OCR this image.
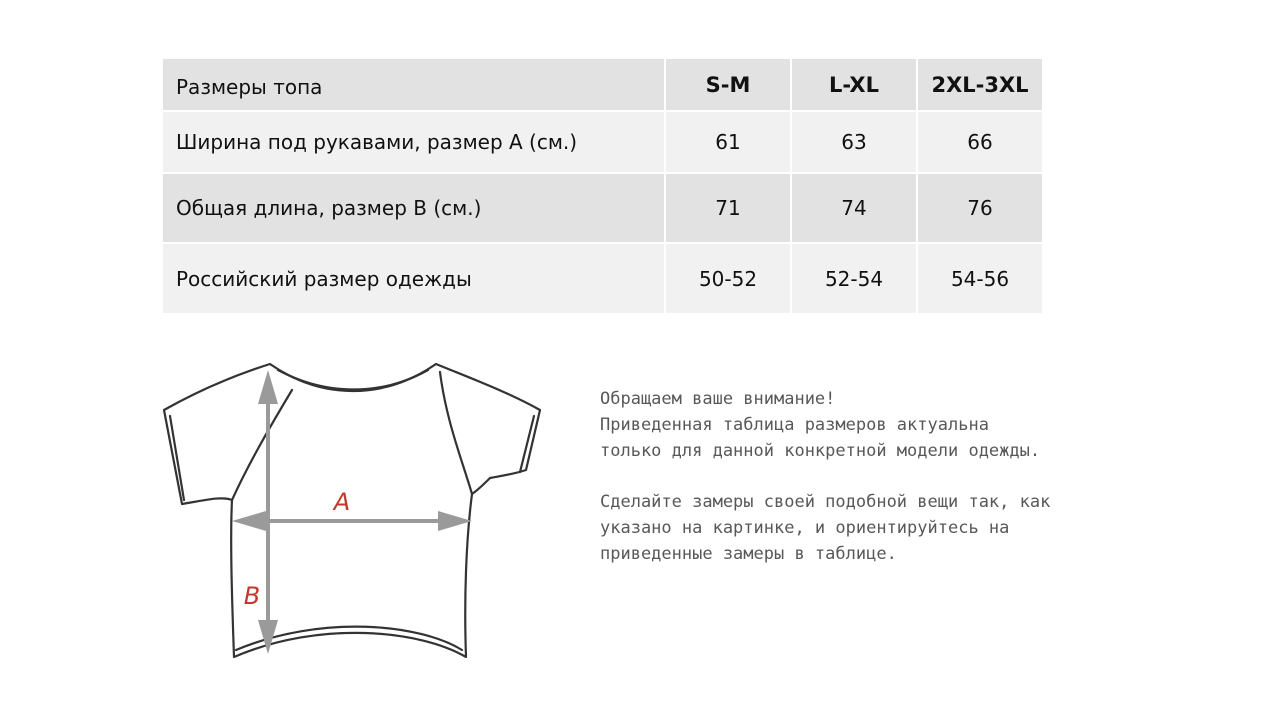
Размеры топа	S-M	L-XL	2XL-3XL
Ширина под рукавами, размер А (см.)	61	63	66
Общая длина, размер В (см.)	71	74	76
Российский размер одежды	50-52	52-54	54-56
A
B

Обращаем ваше внимание!
Приведенная таблица размеров актуальна
только для данной конкретной модели одежды.

Сделайте замеры своей подобной вещи так, как
указано на картинке, и ориентируйтесь на
приведенные замеры в таблице.
